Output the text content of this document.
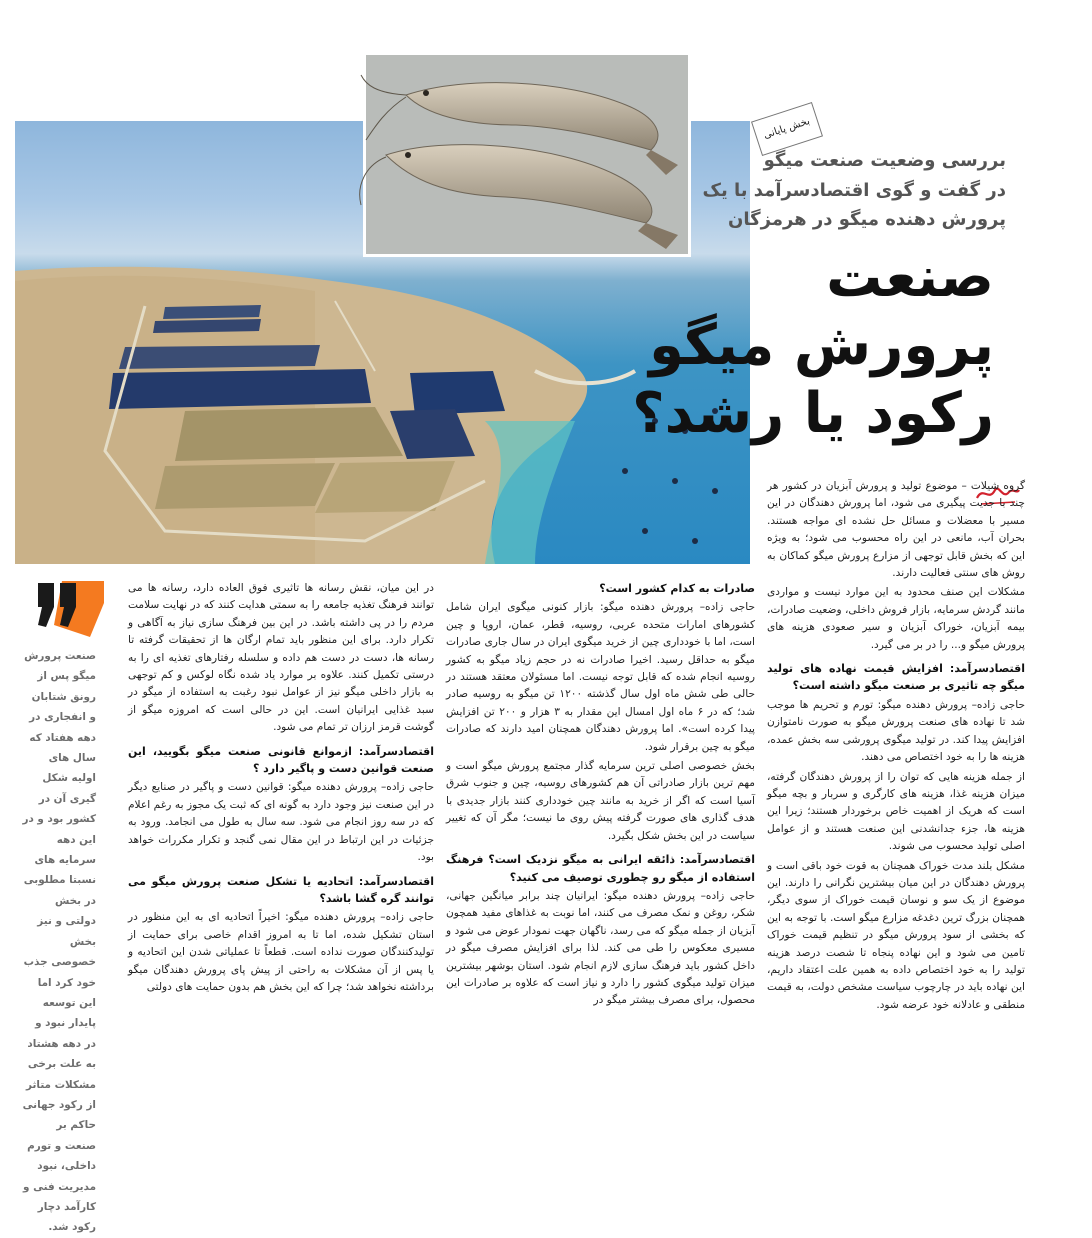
بخش پایانی
بررسی وضعیت صنعت میگو
در گفت و گوی اقتصادسرآمد با یک
پرورش دهنده میگو در هرمزگان
صنعت
پرورش میگو
رکود یا رشد؟

گروه شیلات – موضوع تولید و پرورش آبزیان در کشور هر چند با جدیت پیگیری می شود، اما پرورش دهندگان در این مسیر با معضلات و مسائل حل نشده ای مواجه هستند. بحران آب، مانعی در این راه محسوب می شود؛ به ویژه این که بخش قابل توجهی از مزارع پرورش میگو کماکان به روش های سنتی فعالیت دارند.

مشکلات این صنف محدود به این موارد نیست و مواردی مانند گردش سرمایه، بازار فروش داخلی، وضعیت صادرات، بیمه آبزیان، خوراک آبزیان و سیر صعودی هزینه های پرورش میگو و... را در بر می گیرد.

اقتصادسرآمد: افزایش قیمت نهاده های تولید میگو چه تاثیری بر صنعت میگو داشته است؟

حاجی زاده– پرورش دهنده میگو: تورم و تحریم ها موجب شد تا نهاده های صنعت پرورش میگو به صورت نامتوازن افزایش پیدا کند. در تولید میگوی پرورشی سه بخش عمده، هزینه ها را به خود اختصاص می دهند.

از جمله هزینه هایی که توان را از پرورش دهندگان گرفته، میزان هزینه غذا، هزینه های کارگری و سربار و بچه میگو است که هریک از اهمیت خاص برخوردار هستند؛ زیرا این هزینه ها، جزء جدانشدنی این صنعت هستند و از عوامل اصلی تولید محسوب می شوند.

مشکل بلند مدت خوراک همچنان به قوت خود باقی است و پرورش دهندگان در این میان بیشترین نگرانی را دارند. این موضوع از یک سو و نوسان قیمت خوراک از سوی دیگر، همچنان بزرگ ترین دغدغه مزارع میگو است. با توجه به این که بخشی از سود پرورش میگو در تنظیم قیمت خوراک تامین می شود و این نهاده پنجاه تا شصت درصد هزینه تولید را به خود اختصاص داده به همین علت اعتقاد داریم، این نهاده باید در چارچوب سیاست مشخص دولت، به قیمت منطقی و عادلانه خود عرضه شود.

صادرات به کدام کشور است؟

حاجی زاده– پرورش دهنده میگو: بازار کنونی میگوی ایران شامل کشورهای امارات متحده عربی، روسیه، قطر، عمان، اروپا و چین است، اما با خودداری چین از خرید میگوی ایران در سال جاری صادرات میگو به حداقل رسید. اخیرا صادرات نه در حجم زیاد میگو به کشور روسیه انجام شده که قابل توجه نیست. اما مسئولان معتقد هستند در حالی طی شش ماه اول سال گذشته ۱۲۰۰ تن میگو به روسیه صادر شد؛ که در ۶ ماه اول امسال این مقدار به ۳ هزار و ۲۰۰ تن افزایش پیدا کرده است». اما پرورش دهندگان همچنان امید دارند که صادرات میگو به چین برقرار شود.

بخش خصوصی اصلی ترین سرمایه گذار مجتمع پرورش میگو است و مهم ترین بازار صادراتی آن هم کشورهای روسیه، چین و جنوب شرق آسیا است که اگر از خرید به مانند چین خودداری کنند بازار جدیدی با هدف گذاری های صورت گرفته پیش روی ما نیست؛ مگر آن که تغییر سیاست در این بخش شکل بگیرد.

اقتصادسرآمد: ذائقه ایرانی به میگو نزدیک است؟ فرهنگ استفاده از میگو رو چطوری توصیف می کنید؟

حاجی زاده– پرورش دهنده میگو: ایرانیان چند برابر میانگین جهانی، شکر، روغن و نمک مصرف می کنند، اما نوبت به غذاهای مفید همچون آبزیان از جمله میگو که می رسد، ناگهان جهت نمودار عوض می شود و مسیری معکوس را طی می کند. لذا برای افزایش مصرف میگو در داخل کشور باید فرهنگ سازی لازم انجام شود. استان بوشهر بیشترین میزان تولید میگوی کشور را دارد و نیاز است که علاوه بر صادرات این محصول، برای مصرف بیشتر میگو در

در این میان، نقش رسانه ها تاثیری فوق العاده دارد، رسانه ها می توانند فرهنگ تغذیه جامعه را به سمتی هدایت کنند که در نهایت سلامت مردم را در پی داشته باشد. در این بین فرهنگ سازی نیاز به آگاهی و تکرار دارد. برای این منظور باید تمام ارگان ها از تحقیقات گرفته تا رسانه ها، دست در دست هم داده و سلسله رفتارهای تغذیه ای را به درستی تکمیل کنند. علاوه بر موارد یاد شده نگاه لوکس و کم توجهی به بازار داخلی میگو نیز از عوامل نبود رغبت به استفاده از میگو در سبد غذایی ایرانیان است. این در حالی است که امروزه میگو از گوشت قرمز ارزان تر تمام می شود.

اقتصادسرآمد: ازموانع قانونی صنعت میگو بگویید، این صنعت قوانین دست و پاگیر دارد ؟

حاجی زاده– پرورش دهنده میگو: قوانین دست و پاگیر در صنایع دیگر در این صنعت نیز وجود دارد به گونه ای که ثبت یک مجوز به رغم اعلام که در سه روز انجام می شود. سه سال به طول می انجامد. ورود به جزئیات در این ارتباط در این مقال نمی گنجد و تکرار مکررات خواهد بود.

اقتصادسرآمد: اتحادیه یا تشکل صنعت پرورش میگو می توانند گره گشا باشد؟

حاجی زاده– پرورش دهنده میگو: اخیراً اتحادیه ای به این منظور در استان تشکیل شده، اما تا به امروز اقدام خاصی برای حمایت از تولیدکنندگان صورت نداده است. قطعاً تا عملیاتی شدن این اتحادیه و یا پس از آن مشکلات به راحتی از پیش پای پرورش دهندگان میگو برداشته نخواهد شد؛ چرا که این بخش هم بدون حمایت های دولتی

صنعت پرورش میگو پس از رونق شتابان و انفجاری در دهه هفتاد که سال های اولیه شکل گیری آن در کشور بود و در این دهه سرمایه های نسبتا مطلوبی در بخش دولتی و نیز بخش خصوصی جذب خود کرد اما این توسعه پایدار نبود و در دهه هشتاد به علت برخی مشکلات متاثر از رکود جهانی حاکم بر صنعت و تورم داخلی، نبود مدیریت فنی و کارآمد دچار رکود شد.
